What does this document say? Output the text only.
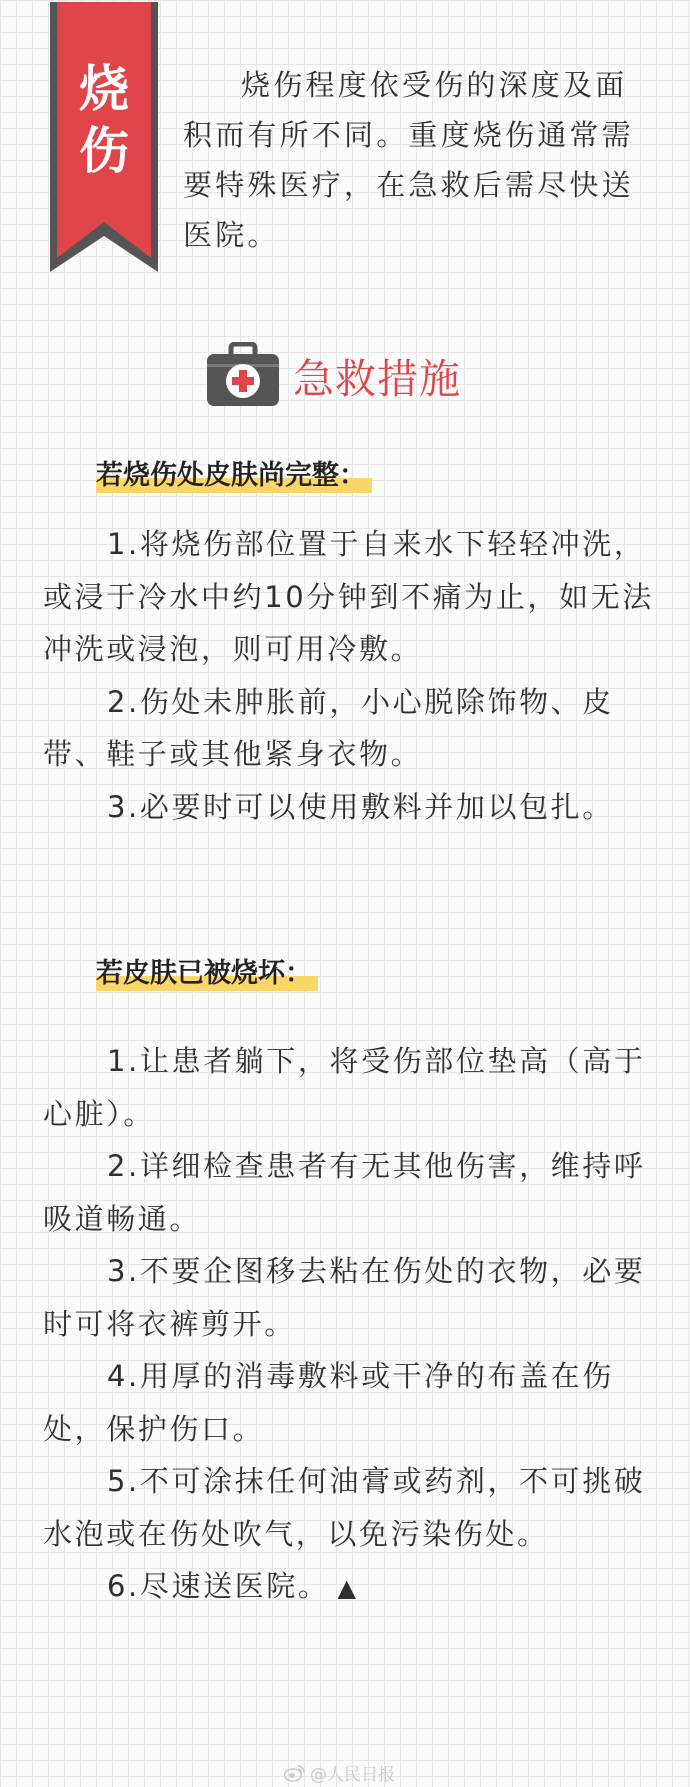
烧
伤

烧伤程度依受伤的深度及面积而有所不同。重度烧伤通常需要特殊医疗，在急救后需尽快送医院。

急救措施
若烧伤处皮肤尚完整：
1.将烧伤部位置于自来水下轻轻冲洗，或浸于冷水中约10分钟到不痛为止，如无法冲洗或浸泡，则可用冷敷。
2.伤处未肿胀前，小心脱除饰物、皮带、鞋子或其他紧身衣物。
3.必要时可以使用敷料并加以包扎。
若皮肤已被烧坏：
1.让患者躺下，将受伤部位垫高（高于心脏）。
2.详细检查患者有无其他伤害，维持呼吸道畅通。
3.不要企图移去粘在伤处的衣物，必要时可将衣裤剪开。
4.用厚的消毒敷料或干净的布盖在伤处，保护伤口。
5.不可涂抹任何油膏或药剂，不可挑破水泡或在伤处吹气，以免污染伤处。
6.尽速送医院。 ▲
@人民日报
